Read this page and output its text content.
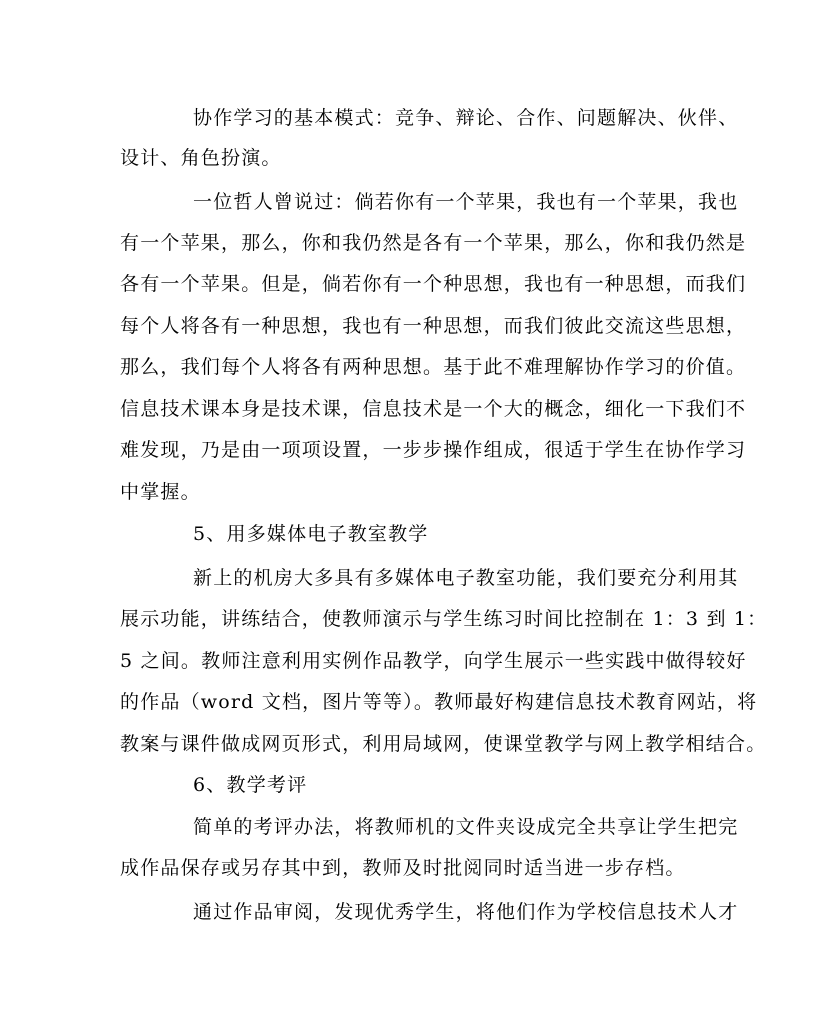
协作学习的基本模式：竞争、辩论、合作、问题解决、伙伴、
设计、角色扮演。
一位哲人曾说过：倘若你有一个苹果，我也有一个苹果，我也
有一个苹果，那么，你和我仍然是各有一个苹果，那么，你和我仍然是
各有一个苹果。但是，倘若你有一个种思想，我也有一种思想，而我们
每个人将各有一种思想，我也有一种思想，而我们彼此交流这些思想，
那么，我们每个人将各有两种思想。基于此不难理解协作学习的价值。
信息技术课本身是技术课，信息技术是一个大的概念，细化一下我们不
难发现，乃是由一项项设置，一步步操作组成，很适于学生在协作学习
中掌握。
5、用多媒体电子教室教学
新上的机房大多具有多媒体电子教室功能，我们要充分利用其
展示功能，讲练结合，使教师演示与学生练习时间比控制在 1：3 到 1：
5 之间。教师注意利用实例作品教学，向学生展示一些实践中做得较好
的作品（word 文档，图片等等）。教师最好构建信息技术教育网站，将
教案与课件做成网页形式，利用局域网，使课堂教学与网上教学相结合。
6、教学考评
简单的考评办法，将教师机的文件夹设成完全共享让学生把完
成作品保存或另存其中到，教师及时批阅同时适当进一步存档。
通过作品审阅，发现优秀学生，将他们作为学校信息技术人才
